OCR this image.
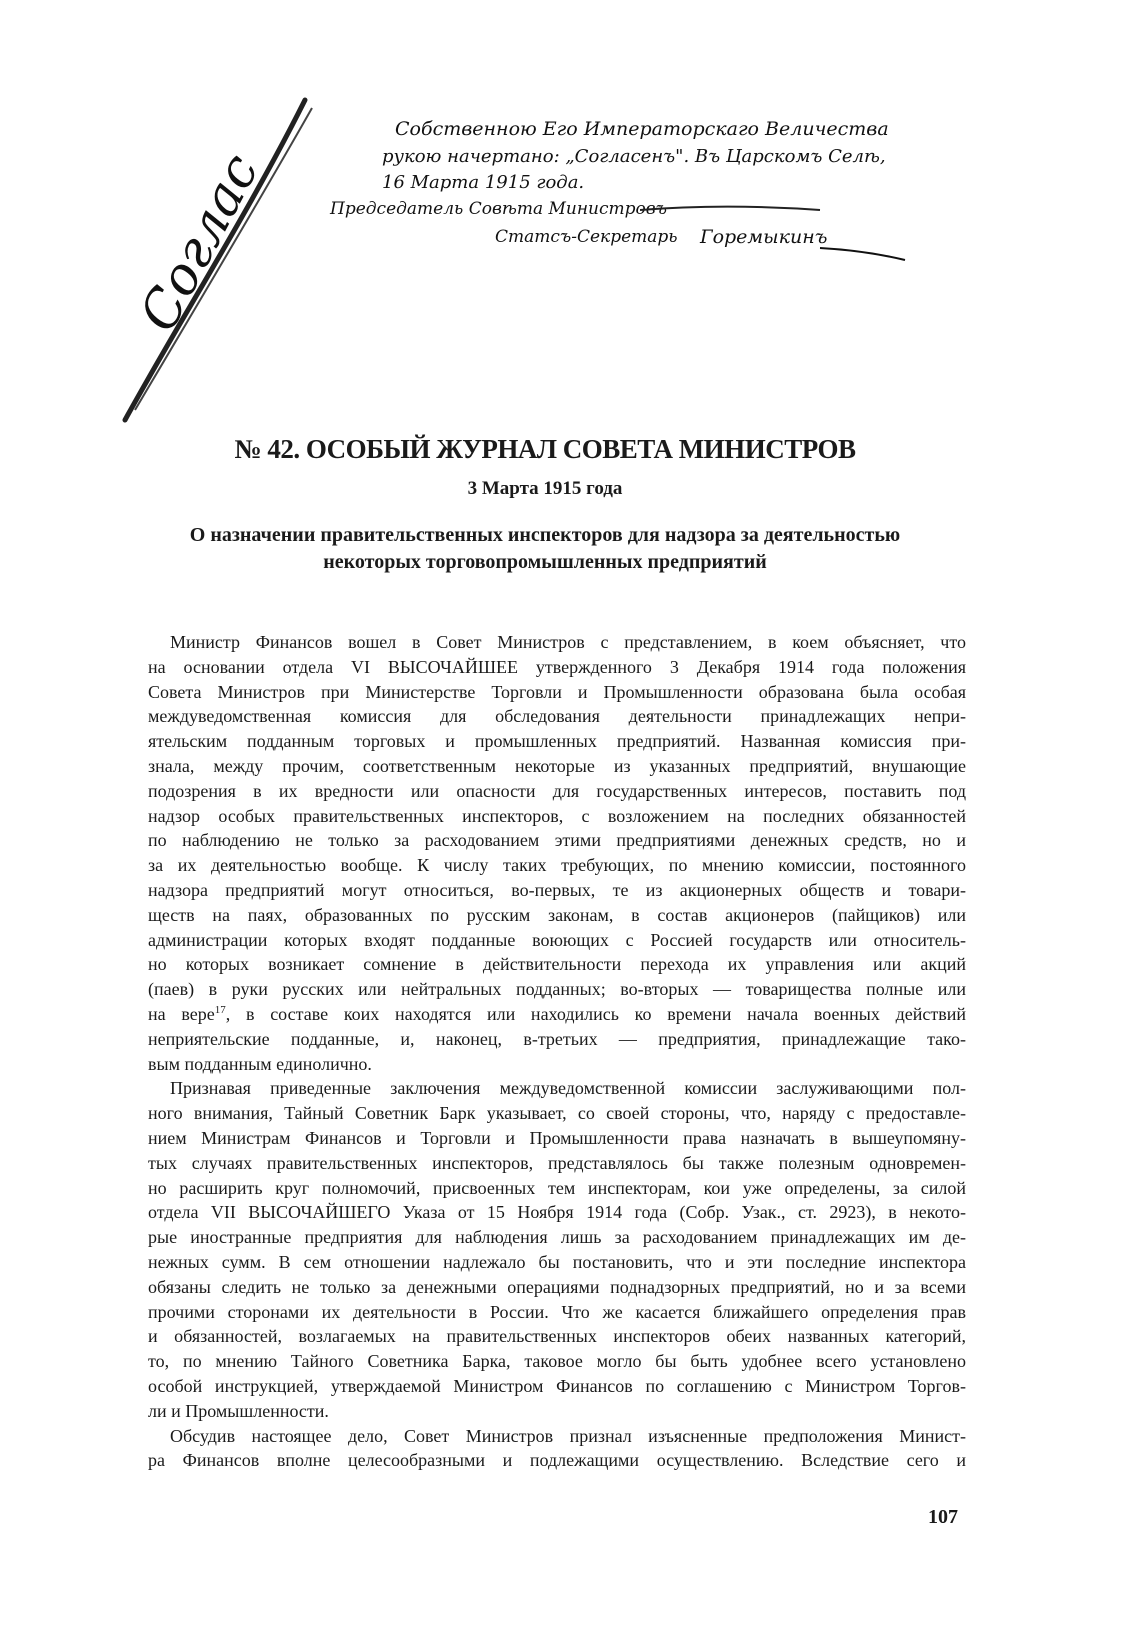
Соглас
Собственною Его Императорскаго Величества
рукою начертано: „Согласенъ". Въ Царскомъ Селѣ,
16 Марта 1915 года.
Председатель Совѣта Министровъ
Статсъ-Секретарь Горемыкинъ
№ 42. ОСОБЫЙ ЖУРНАЛ СОВЕТА МИНИСТРОВ
3 Марта 1915 года
О назначении правительственных инспекторов для надзора за деятельностью
некоторых торговопромышленных предприятий
Министр Финансов вошел в Совет Министров с представлением, в коем объясняет, что
на основании отдела VI ВЫСОЧАЙШЕЕ утвержденного 3 Декабря 1914 года положения
Совета Министров при Министерстве Торговли и Промышленности образована была особая
междуведомственная комиссия для обследования деятельности принадлежащих непри-
ятельским подданным торговых и промышленных предприятий. Названная комиссия при-
знала, между прочим, соответственным некоторые из указанных предприятий, внушающие
подозрения в их вредности или опасности для государственных интересов, поставить под
надзор особых правительственных инспекторов, с возложением на последних обязанностей
по наблюдению не только за расходованием этими предприятиями денежных средств, но и
за их деятельностью вообще. К числу таких требующих, по мнению комиссии, постоянного
надзора предприятий могут относиться, во-первых, те из акционерных обществ и товари-
ществ на паях, образованных по русским законам, в состав акционеров (пайщиков) или
администрации которых входят подданные воюющих с Россией государств или относитель-
но которых возникает сомнение в действительности перехода их управления или акций
(паев) в руки русских или нейтральных подданных; во-вторых — товарищества полные или
на вере$^{17}$, в составе коих находятся или находились ко времени начала военных действий
неприятельские подданные, и, наконец, в-третьих — предприятия, принадлежащие тако-
вым подданным единолично.
Признавая приведенные заключения междуведомственной комиссии заслуживающими пол-
ного внимания, Тайный Советник Барк указывает, со своей стороны, что, наряду с предоставле-
нием Министрам Финансов и Торговли и Промышленности права назначать в вышеупомяну-
тых случаях правительственных инспекторов, представлялось бы также полезным одновремен-
но расширить круг полномочий, присвоенных тем инспекторам, кои уже определены, за силой
отдела VII ВЫСОЧАЙШЕГО Указа от 15 Ноября 1914 года (Собр. Узак., ст. 2923), в некото-
рые иностранные предприятия для наблюдения лишь за расходованием принадлежащих им де-
нежных сумм. В сем отношении надлежало бы постановить, что и эти последние инспектора
обязаны следить не только за денежными операциями поднадзорных предприятий, но и за всеми
прочими сторонами их деятельности в России. Что же касается ближайшего определения прав
и обязанностей, возлагаемых на правительственных инспекторов обеих названных категорий,
то, по мнению Тайного Советника Барка, таковое могло бы быть удобнее всего установлено
особой инструкцией, утверждаемой Министром Финансов по соглашению с Министром Торгов-
ли и Промышленности.
Обсудив настоящее дело, Совет Министров признал изъясненные предположения Минист-
ра Финансов вполне целесообразными и подлежащими осуществлению. Вследствие сего и
107
